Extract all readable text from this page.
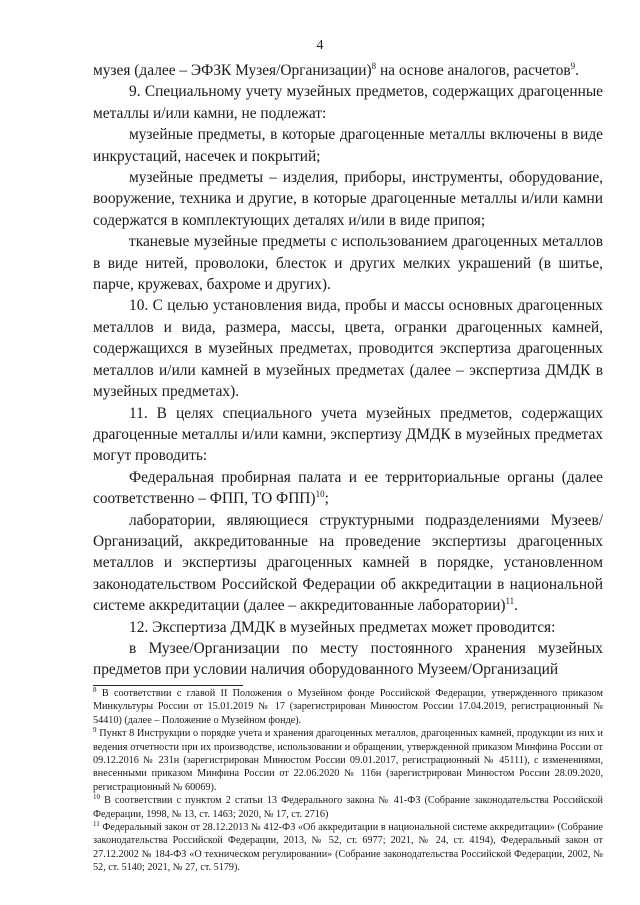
4

музея (далее – ЭФЗК Музея/Организации)$^8$ на основе аналогов, расчетов$^9$.

9. Специальному учету музейных предметов, содержащих драгоценные металлы и/или камни, не подлежат:

музейные предметы, в которые драгоценные металлы включены в виде инкрустаций, насечек и покрытий;

музейные предметы – изделия, приборы, инструменты, оборудование, вооружение, техника и другие, в которые драгоценные металлы и/или камни содержатся в комплектующих деталях и/или в виде припоя;

тканевые музейные предметы с использованием драгоценных металлов в виде нитей, проволоки, блесток и других мелких украшений (в шитье, парче, кружевах, бахроме и других).

10. С целью установления вида, пробы и массы основных драгоценных металлов и вида, размера, массы, цвета, огранки драгоценных камней, содержащихся в музейных предметах, проводится экспертиза драгоценных металлов и/или камней в музейных предметах (далее – экспертиза ДМДК в музейных предметах).

11. В целях специального учета музейных предметов, содержащих драгоценные металлы и/или камни, экспертизу ДМДК в музейных предметах могут проводить:

Федеральная пробирная палата и ее территориальные органы (далее соответственно – ФПП, ТО ФПП)$^{10}$;

лаборатории, являющиеся структурными подразделениями Музеев/Организаций, аккредитованные на проведение экспертизы драгоценных металлов и экспертизы драгоценных камней в порядке, установленном законодательством Российской Федерации об аккредитации в национальной системе аккредитации (далее – аккредитованные лаборатории)$^{11}$.

12. Экспертиза ДМДК в музейных предметах может проводится:

в Музее/Организации по месту постоянного хранения музейных предметов при условии наличия оборудованного Музеем/Организаций

$^8$ В соответствии с главой II Положения о Музейном фонде Российской Федерации, утвержденного приказом Минкультуры России от 15.01.2019 № 17 (зарегистрирован Минюстом России 17.04.2019, регистрационный № 54410) (далее – Положение о Музейном фонде).

$^9$ Пункт 8 Инструкции о порядке учета и хранения драгоценных металлов, драгоценных камней, продукции из них и ведения отчетности при их производстве, использовании и обращении, утвержденной приказом Минфина России от 09.12.2016 № 231н (зарегистрирован Минюстом России 09.01.2017, регистрационный № 45111), с изменениями, внесенными приказом Минфина России от 22.06.2020 № 116н (зарегистрирован Минюстом России 28.09.2020, регистрационный № 60069).

$^{10}$ В соответствии с пунктом 2 статьи 13 Федерального закона № 41-ФЗ (Собрание законодательства Российской Федерации, 1998, № 13, ст. 1463; 2020, № 17, ст. 2716)

$^{11}$ Федеральный закон от 28.12.2013 № 412-ФЗ «Об аккредитации в национальной системе аккредитации» (Собрание законодательства Российской Федерации, 2013, № 52, ст. 6977; 2021, № 24, ст. 4194), Федеральный закон от 27.12.2002 № 184-ФЗ «О техническом регулировании» (Собрание законодательства Российской Федерации, 2002, № 52, ст. 5140; 2021, № 27, ст. 5179).
